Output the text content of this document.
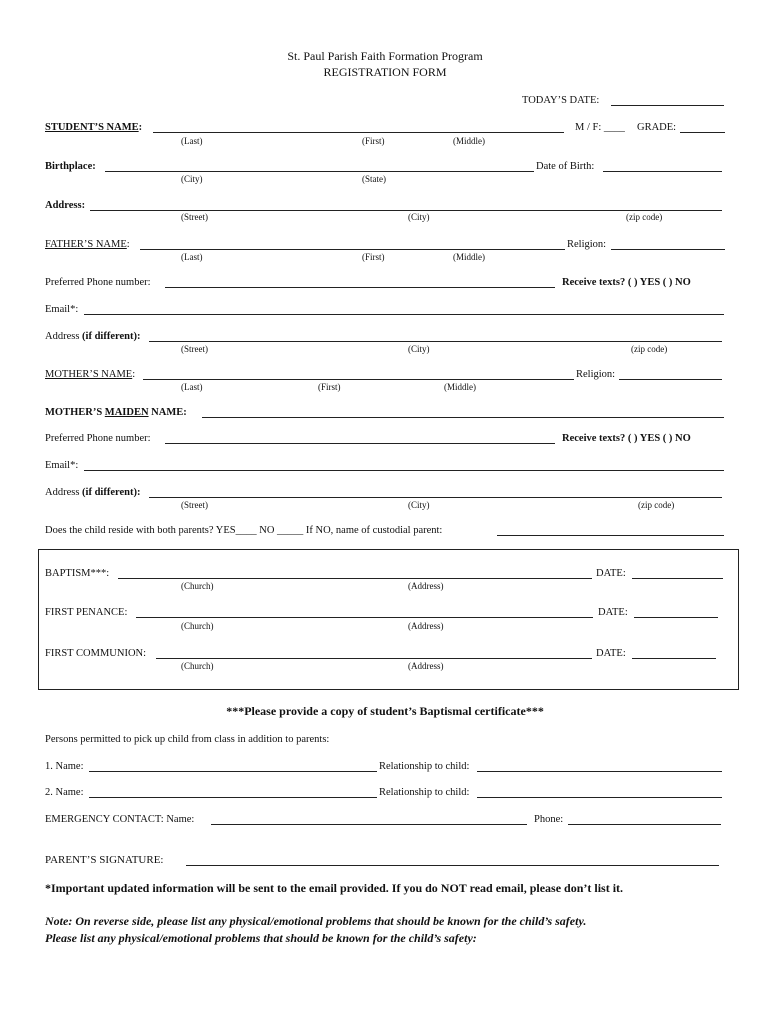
St. Paul Parish Faith Formation Program
REGISTRATION FORM
TODAY’S DATE:
STUDENT’S NAME:	M / F: ____ GRADE:
(Last)	(First)	(Middle)
Birthplace:	Date of Birth:
(City)	(State)
Address:
(Street)	(City)	(zip code)
FATHER’S NAME:	Religion:
(Last)	(First)	(Middle)
Preferred Phone number:	Receive texts? ( ) YES ( ) NO
Email*:
Address (if different):
(Street)	(City)	(zip code)
MOTHER’S NAME:	Religion:
(Last)	(First)	(Middle)
MOTHER’S MAIDEN NAME:
Preferred Phone number:	Receive texts? ( ) YES ( ) NO
Email*:
Address (if different):
(Street)	(City)	(zip code)
Does the child reside with both parents? YES____ NO _____ If NO, name of custodial parent:
BAPTISM***:	DATE:
(Church)	(Address)
FIRST PENANCE:	DATE:
(Church)	(Address)
FIRST COMMUNION:	DATE:
(Church)	(Address)
***Please provide a copy of student’s Baptismal certificate***
Persons permitted to pick up child from class in addition to parents:
1. Name:	Relationship to child:
2. Name:	Relationship to child:
EMERGENCY CONTACT: Name:	Phone:
PARENT’S SIGNATURE:
*Important updated information will be sent to the email provided. If you do NOT read email, please don’t list it.
Note: On reverse side, please list any physical/emotional problems that should be known for the child’s safety.
Please list any physical/emotional problems that should be known for the child’s safety:
